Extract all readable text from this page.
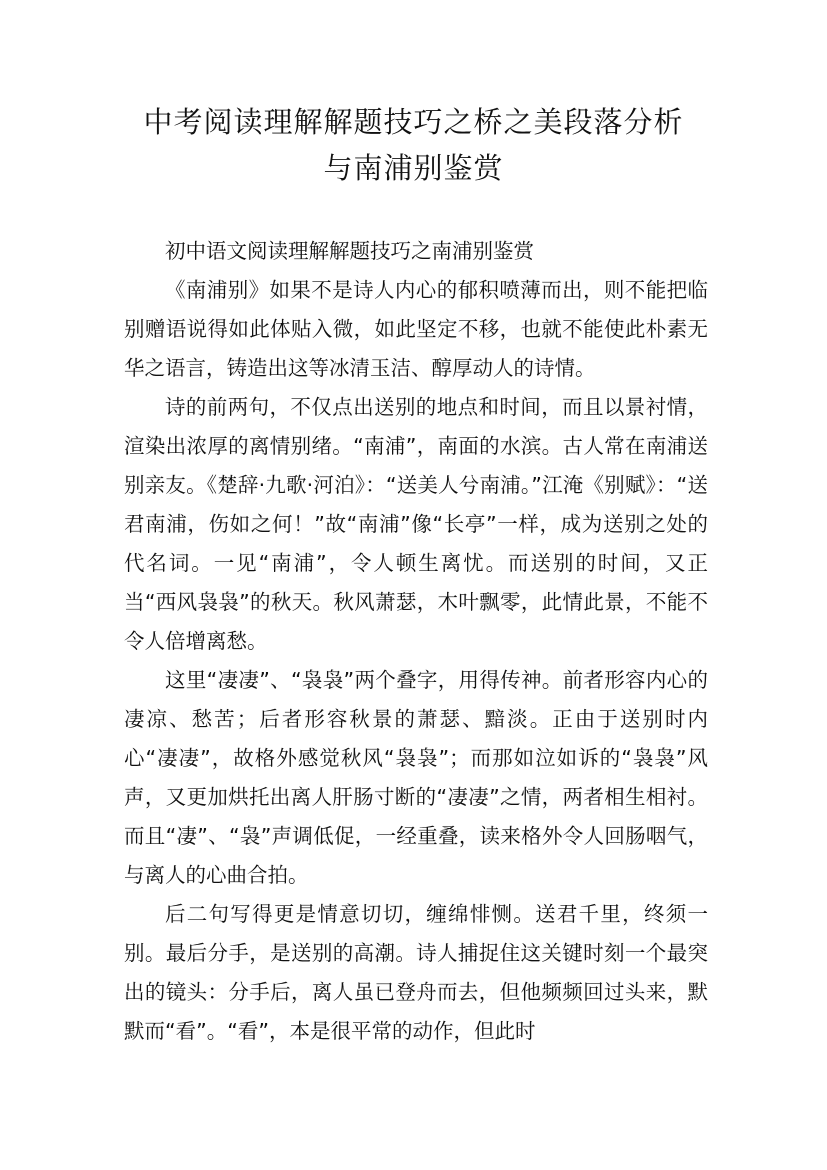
中考阅读理解解题技巧之桥之美段落分析
与南浦别鉴赏

初中语文阅读理解解题技巧之南浦别鉴赏

《南浦别》如果不是诗人内心的郁积喷薄而出，则不能把临别赠语说得如此体贴入微，如此坚定不移，也就不能使此朴素无华之语言，铸造出这等冰清玉洁、醇厚动人的诗情。

诗的前两句，不仅点出送别的地点和时间，而且以景衬情，渲染出浓厚的离情别绪。“南浦”，南面的水滨。古人常在南浦送别亲友。《楚辞·九歌·河泊》：“送美人兮南浦。”江淹《别赋》：“送君南浦，伤如之何！”故“南浦”像“长亭”一样，成为送别之处的代名词。一见“南浦”，令人顿生离忧。而送别的时间，又正当“西风袅袅”的秋天。秋风萧瑟，木叶飘零，此情此景，不能不令人倍增离愁。

这里“凄凄”、“袅袅”两个叠字，用得传神。前者形容内心的凄凉、愁苦；后者形容秋景的萧瑟、黯淡。正由于送别时内心“凄凄”，故格外感觉秋风“袅袅”；而那如泣如诉的“袅袅”风声，又更加烘托出离人肝肠寸断的“凄凄”之情，两者相生相衬。而且“凄”、“袅”声调低促，一经重叠，读来格外令人回肠咽气，与离人的心曲合拍。

后二句写得更是情意切切，缠绵悱恻。送君千里，终须一别。最后分手，是送别的高潮。诗人捕捉住这关键时刻一个最突出的镜头：分手后，离人虽已登舟而去，但他频频回过头来，默默而“看”。“看”，本是很平常的动作，但此时
